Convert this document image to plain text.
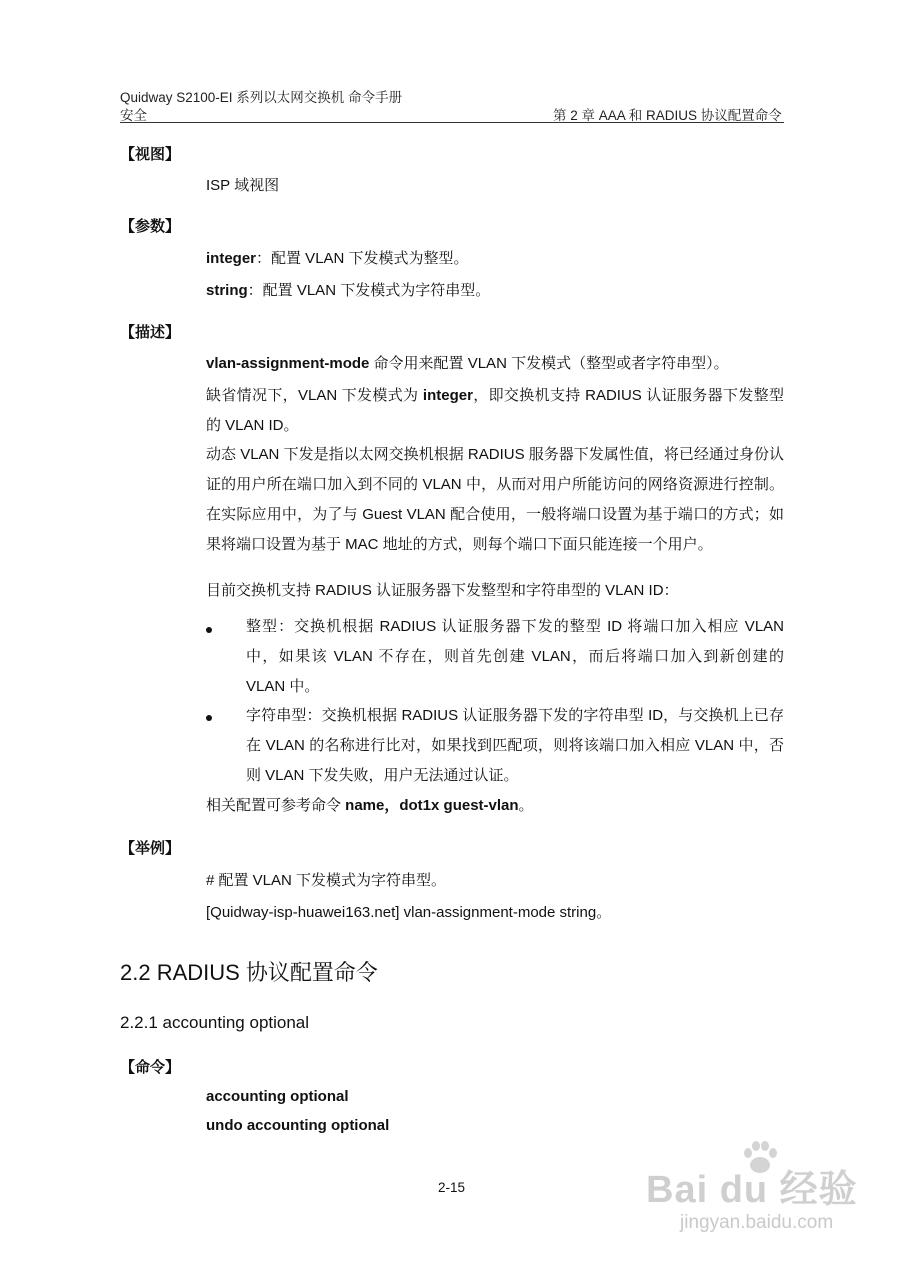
Quidway S2100-EI 系列以太网交换机 命令手册
安全	第 2 章 AAA 和 RADIUS 协议配置命令
【视图】
ISP 域视图
【参数】
integer：配置 VLAN 下发模式为整型。
string：配置 VLAN 下发模式为字符串型。
【描述】
vlan-assignment-mode 命令用来配置 VLAN 下发模式（整型或者字符串型）。
缺省情况下，VLAN 下发模式为 integer，即交换机支持 RADIUS 认证服务器下发整型的 VLAN ID。
动态 VLAN 下发是指以太网交换机根据 RADIUS 服务器下发属性值，将已经通过身份认证的用户所在端口加入到不同的 VLAN 中，从而对用户所能访问的网络资源进行控制。在实际应用中，为了与 Guest VLAN 配合使用，一般将端口设置为基于端口的方式；如果将端口设置为基于 MAC 地址的方式，则每个端口下面只能连接一个用户。
目前交换机支持 RADIUS 认证服务器下发整型和字符串型的 VLAN ID：
整型：交换机根据 RADIUS 认证服务器下发的整型 ID 将端口加入相应 VLAN 中，如果该 VLAN 不存在，则首先创建 VLAN，而后将端口加入到新创建的 VLAN 中。
字符串型：交换机根据 RADIUS 认证服务器下发的字符串型 ID，与交换机上已存在 VLAN 的名称进行比对，如果找到匹配项，则将该端口加入相应 VLAN 中，否则 VLAN 下发失败，用户无法通过认证。
相关配置可参考命令 name，dot1x guest-vlan。
【举例】
# 配置 VLAN 下发模式为字符串型。
[Quidway-isp-huawei163.net] vlan-assignment-mode string。
2.2 RADIUS 协议配置命令
2.2.1 accounting optional
【命令】
accounting optional
undo accounting optional
2-15	Bai du 经验
jingyan.baidu.com
